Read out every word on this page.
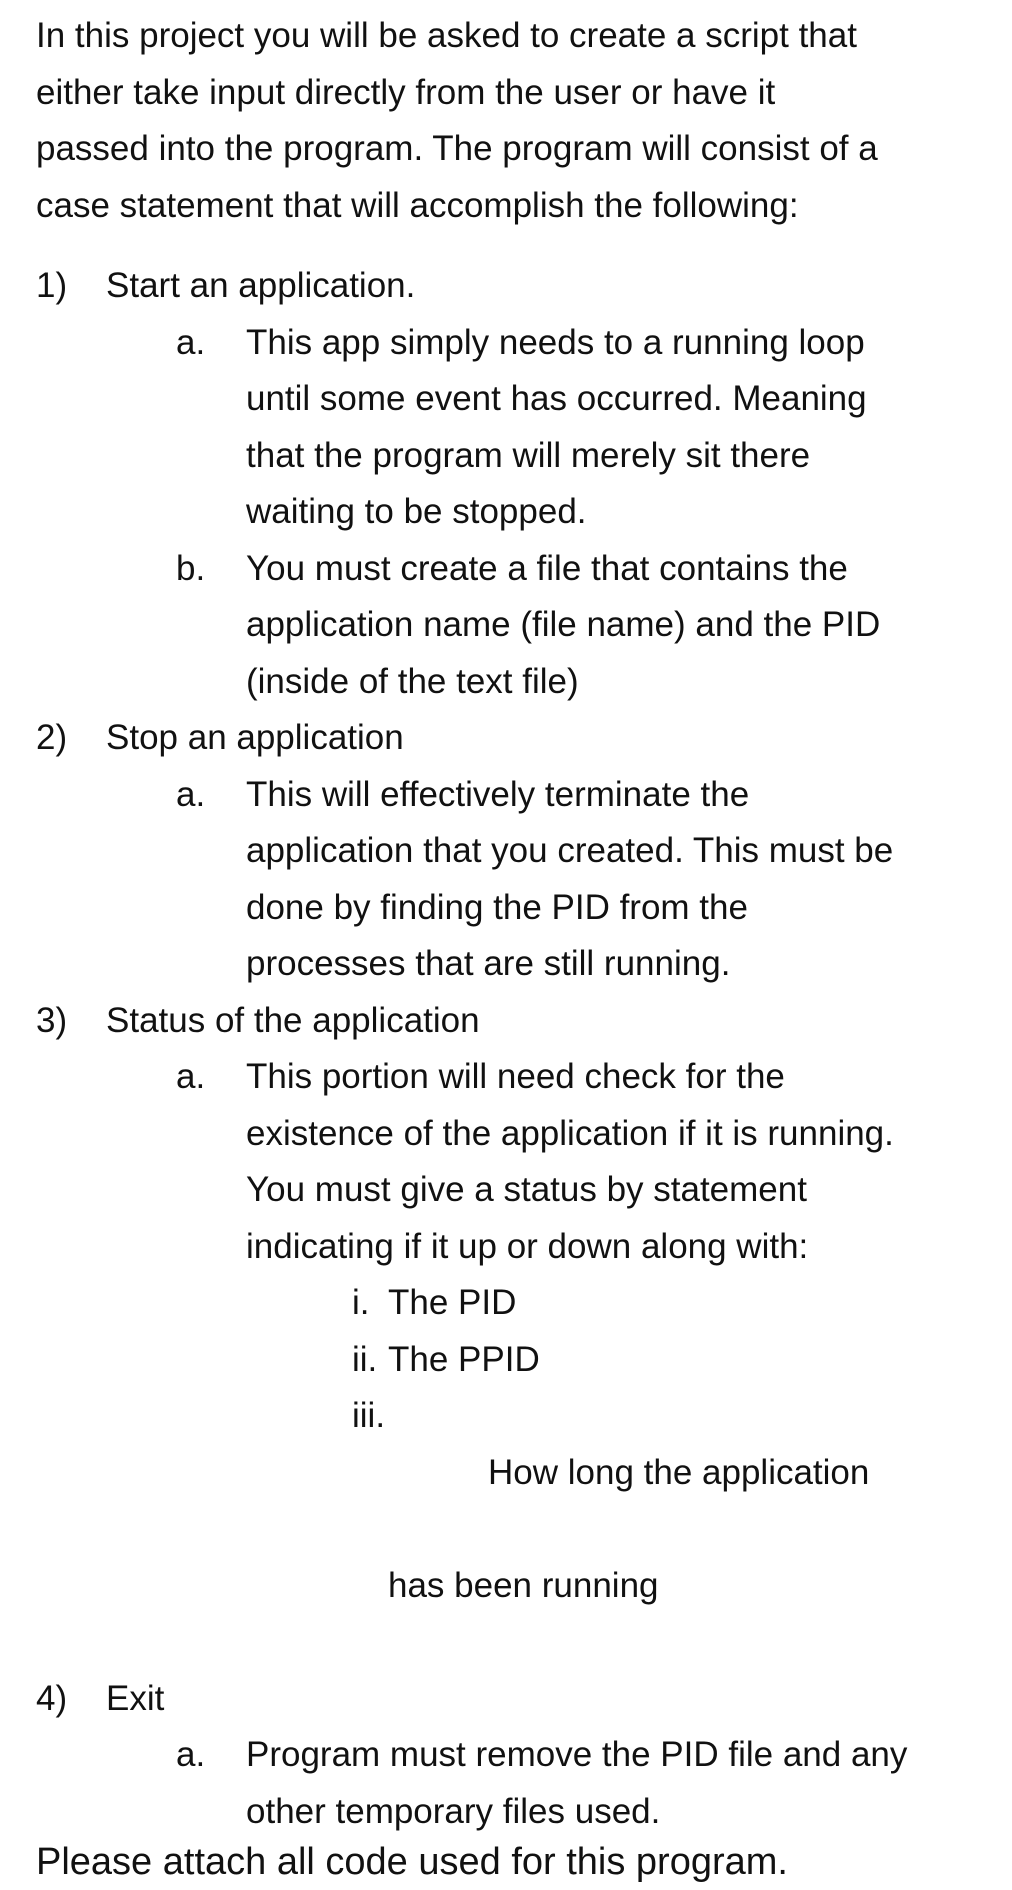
In this project you will be asked to create a script that
either take input directly from the user or have it
passed into the program. The program will consist of a
case statement that will accomplish the following:

1)	Start an application.
a.	This app simply needs to a running loop
until some event has occurred. Meaning
that the program will merely sit there
waiting to be stopped.
b.	You must create a file that contains the
application name (file name) and the PID
(inside of the text file)
2)	Stop an application
a.	This will effectively terminate the
application that you created. This must be
done by finding the PID from the
processes that are still running.
3)	Status of the application
a.	This portion will need check for the
existence of the application if it is running.
You must give a status by statement
indicating if it up or down along with:
i. The PID
ii. The PPID
iii.

How long the application

has been running

4)	Exit
a.	Program must remove the PID file and any
other temporary files used.

Please attach all code used for this program.
